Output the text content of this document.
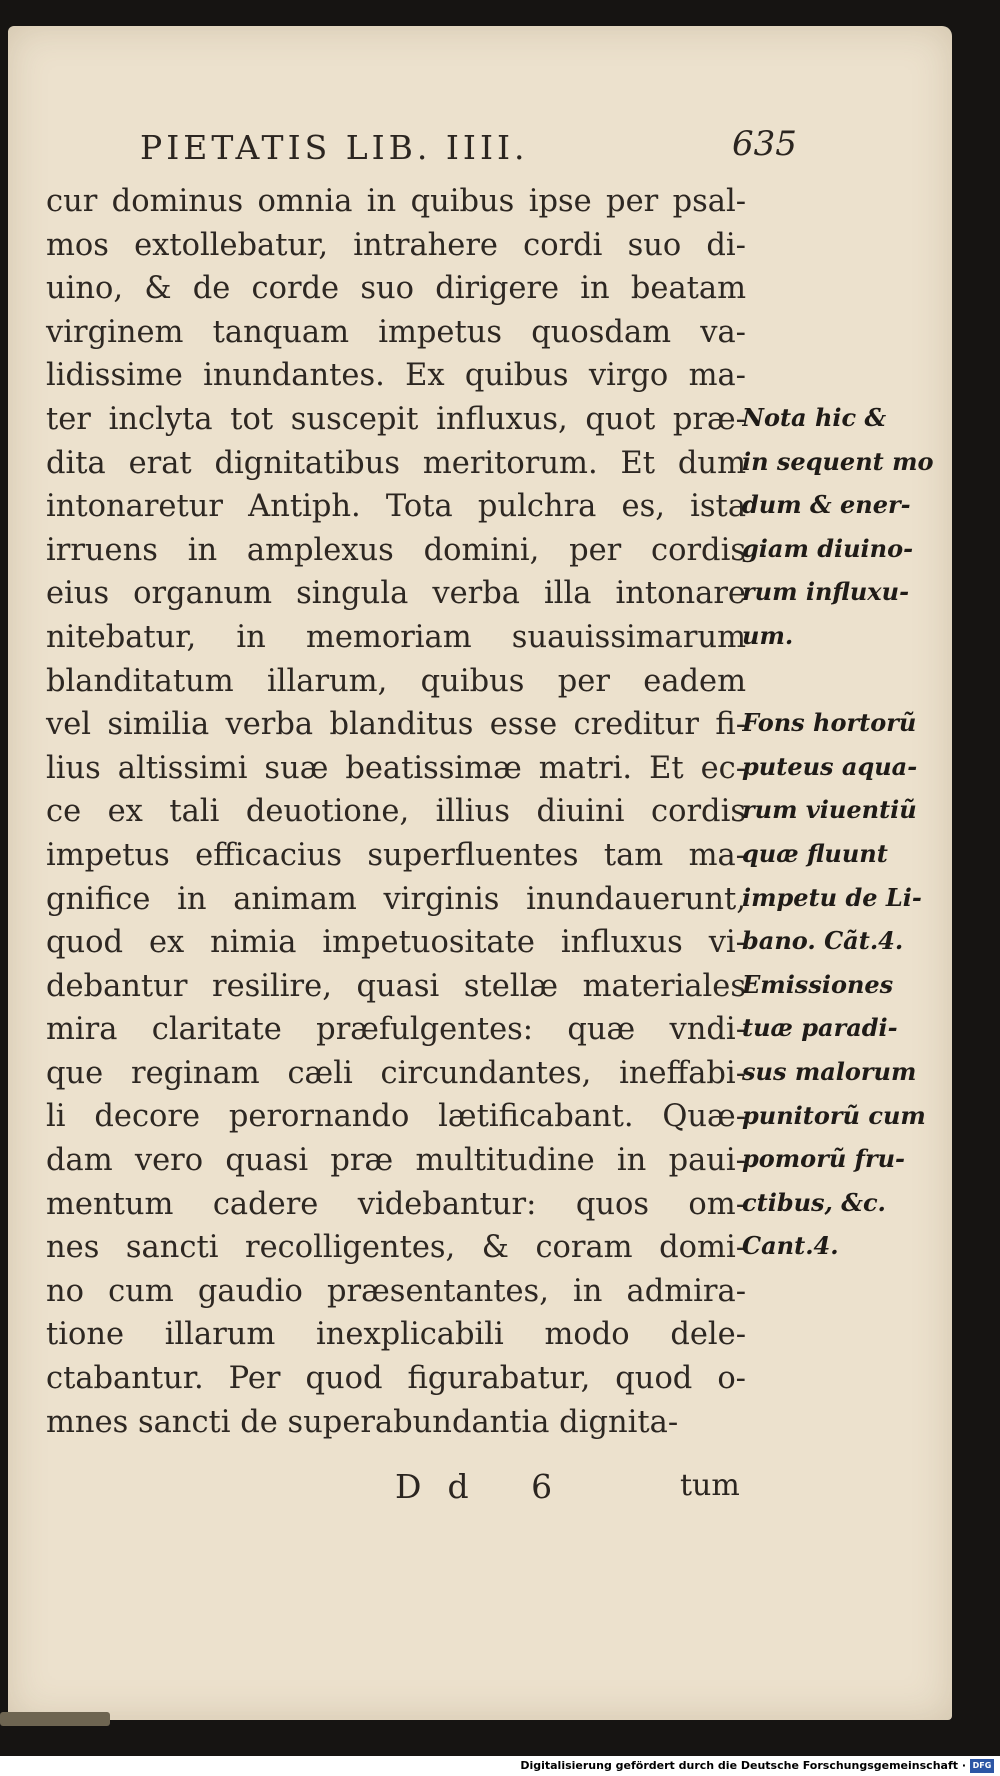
PIETATIS LIB. IIII.	635
cur dominus omnia in quibus ipse per psal-
mos extollebatur, intrahere cordi suo di-
uino, & de corde suo dirigere in beatam
virginem tanquam impetus quosdam va-
lidissime inundantes. Ex quibus virgo ma-
ter inclyta tot suscepit influxus, quot præ-
dita erat dignitatibus meritorum. Et dum
intonaretur Antiph. Tota pulchra es, ista
irruens in amplexus domini, per cordis
eius organum singula verba illa intonare
nitebatur, in memoriam suauissimarum
blanditatum illarum, quibus per eadem
vel similia verba blanditus esse creditur fi-
lius altissimi suæ beatissimæ matri. Et ec-
ce ex tali deuotione, illius diuini cordis
impetus efficacius superfluentes tam ma-
gnifice in animam virginis inundauerunt,
quod ex nimia impetuositate influxus vi-
debantur resilire, quasi stellæ materiales
mira claritate præfulgentes: quæ vndi-
que reginam cæli circundantes, ineffabi-
li decore perornando lætificabant. Quæ-
dam vero quasi præ multitudine in paui-
mentum cadere videbantur: quos om-
nes sancti recolligentes, & coram domi-
no cum gaudio præsentantes, in admira-
tione illarum inexplicabili modo dele-
ctabantur. Per quod figurabatur, quod o-
mnes sancti de superabundantia dignita-
Nota hic &
in sequent mo
dum & ener-
giam diuino-
rum influxu-
um.
Fons hortorũ
puteus aqua-
rum viuentiũ
quæ fluunt
impetu de Li-
bano. Cãt.4.
Emissiones
tuæ paradi-
sus malorum
punitorũ cum
pomorũ fru-
ctibus, &c.
Cant.4.
Dd 6	tum
Digitalisierung gefördert durch die Deutsche Forschungsgemeinschaft · DFG
